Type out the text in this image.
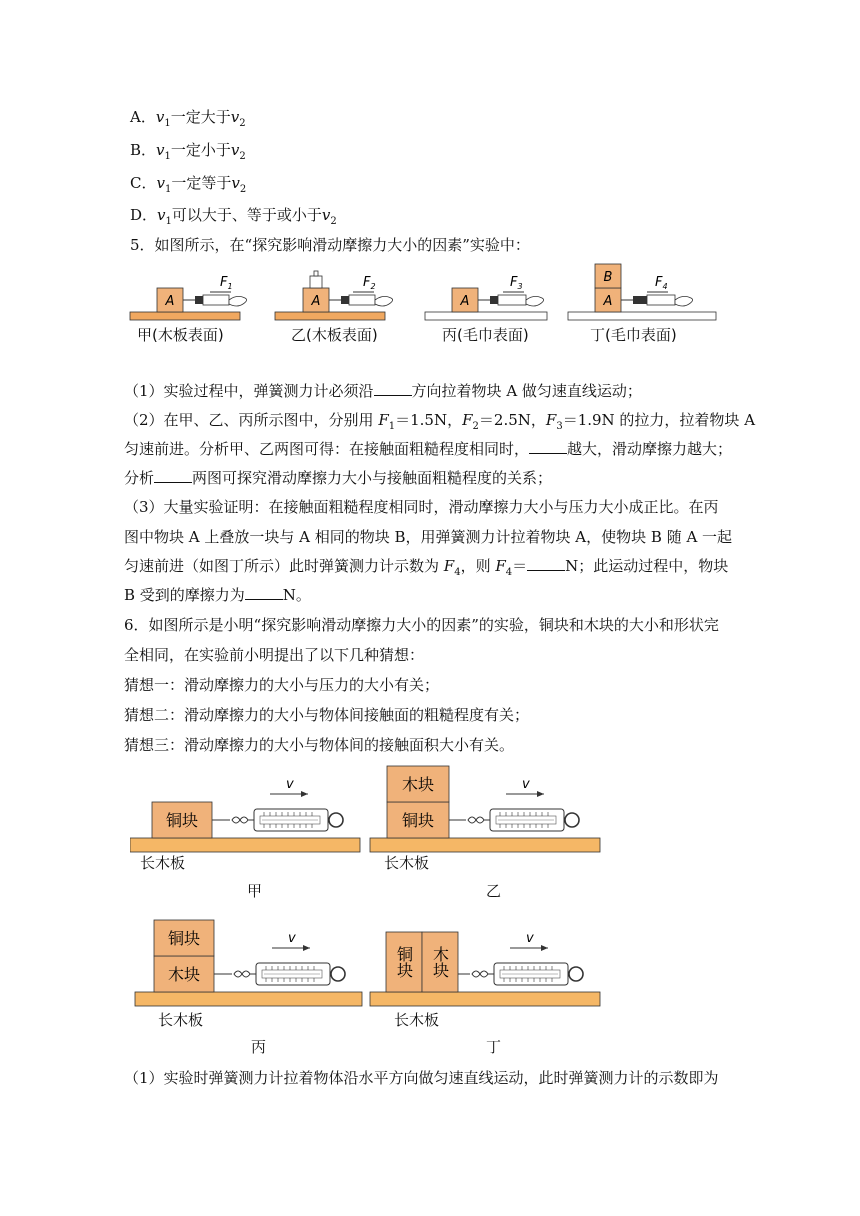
A．$v_1$一定大于$v_2$
B．$v_1$一定小于$v_2$
C．$v_1$一定等于$v_2$
D．$v_1$可以大于、等于或小于$v_2$
5．如图所示，在“探究影响滑动摩擦力大小的因素”实验中：
A
$F_1$
A
$F_2$
A
$F_3$
B
A
$F_4$
甲(木板表面)	乙(木板表面)	丙(毛巾表面)	丁(毛巾表面)
（1）实验过程中，弹簧测力计必须沿	方向拉着物块 A 做匀速直线运动；
（2）在甲、乙、丙所示图中，分别用 $F_1=1.5N$，$F_2=2.5N$，$F_3=1.9N$ 的拉力，拉着物块 A
匀速前进。分析甲、乙两图可得：在接触面粗糙程度相同时，	越大，滑动摩擦力越大；
分析	两图可探究滑动摩擦力大小与接触面粗糙程度的关系；
（3）大量实验证明：在接触面粗糙程度相同时，滑动摩擦力大小与压力大小成正比。在丙
图中物块 A 上叠放一块与 A 相同的物块 B，用弹簧测力计拉着物块 A，使物块 B 随 A 一起
匀速前进（如图丁所示）此时弹簧测力计示数为 $F_4$，则 $F_4=$	N；此运动过程中，物块
B 受到的摩擦力为	N。
6．如图所示是小明“探究影响滑动摩擦力大小的因素”的实验，铜块和木块的大小和形状完
全相同，在实验前小明提出了以下几种猜想：
猜想一：滑动摩擦力的大小与压力的大小有关；
猜想二：滑动摩擦力的大小与物体间接触面的粗糙程度有关；
猜想三：滑动摩擦力的大小与物体间的接触面积大小有关。
铜块
v	木块
铜块
v
铜块
木块
v
铜块 木块
v
长木板	长木板
甲	乙
长木板	长木板
丙	丁
（1）实验时弹簧测力计拉着物体沿水平方向做匀速直线运动，此时弹簧测力计的示数即为
